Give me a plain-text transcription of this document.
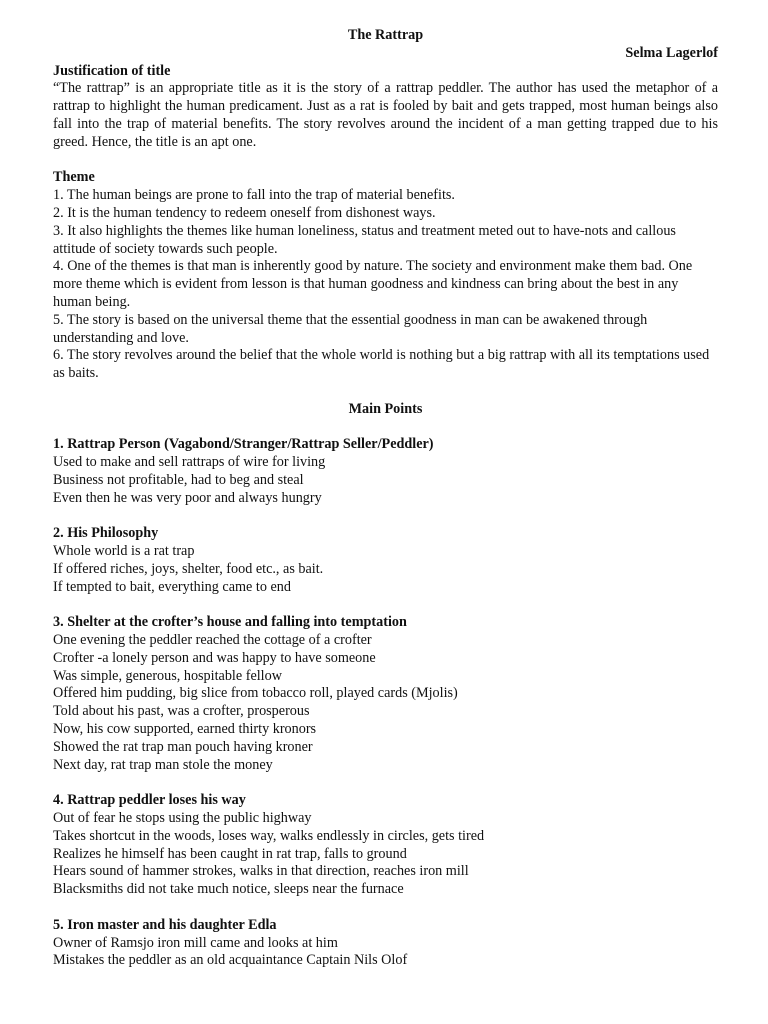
The Rattrap

Selma Lagerlof

Justification of title

“The rattrap” is an appropriate title as it is the story of a rattrap peddler. The author has used the metaphor of a rattrap to highlight the human predicament. Just as a rat is fooled by bait and gets trapped, most human beings also fall into the trap of material benefits. The story revolves around the incident of a man getting trapped due to his greed. Hence, the title is an apt one.

Theme

1. The human beings are prone to fall into the trap of material benefits.

2. It is the human tendency to redeem oneself from dishonest ways.

3. It also highlights the themes like human loneliness, status and treatment meted out to have-nots and callous attitude of society towards such people.

4. One of the themes is that man is inherently good by nature. The society and environment make them bad. One more theme which is evident from lesson is that human goodness and kindness can bring about the best in any human being.

5. The story is based on the universal theme that the essential goodness in man can be awakened through understanding and love.

6. The story revolves around the belief that the whole world is nothing but a big rattrap with all its temptations used as baits.

Main Points

1. Rattrap Person (Vagabond/Stranger/Rattrap Seller/Peddler)

Used to make and sell rattraps of wire for living

Business not profitable, had to beg and steal

Even then he was very poor and always hungry

2. His Philosophy

Whole world is a rat trap

If offered riches, joys, shelter, food etc., as bait.

If tempted to bait, everything came to end

3. Shelter at the crofter’s house and falling into temptation

One evening the peddler reached the cottage of a crofter

Crofter -a lonely person and was happy to have someone

Was simple, generous, hospitable fellow

Offered him pudding, big slice from tobacco roll, played cards (Mjolis)

Told about his past, was a crofter, prosperous

Now, his cow supported, earned thirty kronors

Showed the rat trap man pouch having kroner

Next day, rat trap man stole the money

4. Rattrap peddler loses his way

Out of fear he stops using the public highway

Takes shortcut in the woods, loses way, walks endlessly in circles, gets tired

Realizes he himself has been caught in rat trap, falls to ground

Hears sound of hammer strokes, walks in that direction, reaches iron mill

Blacksmiths did not take much notice, sleeps near the furnace

5. Iron master and his daughter Edla

Owner of Ramsjo iron mill came and looks at him

Mistakes the peddler as an old acquaintance Captain Nils Olof
